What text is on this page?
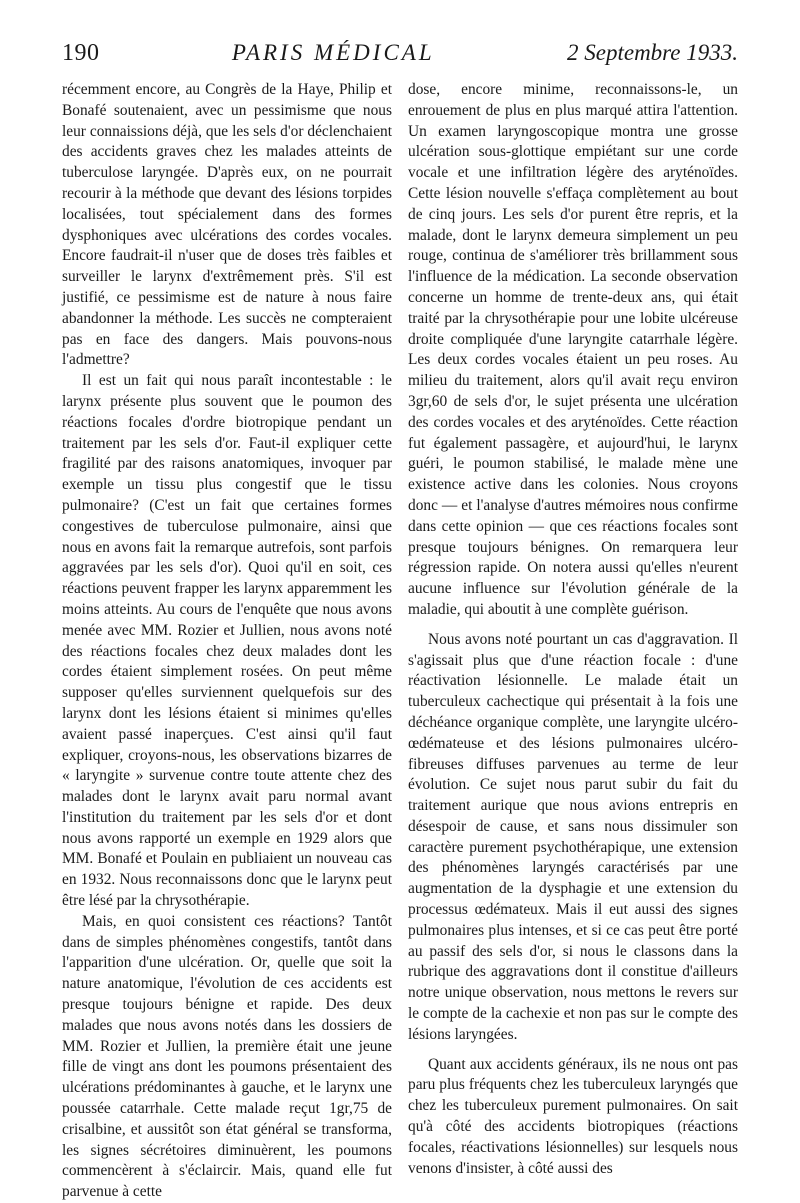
190	PARIS MÉDICAL	2 Septembre 1933.

récemment encore, au Congrès de la Haye, Philip et Bonafé soutenaient, avec un pessimisme que nous leur connaissions déjà, que les sels d'or déclenchaient des accidents graves chez les malades atteints de tuberculose laryngée. D'après eux, on ne pourrait recourir à la méthode que devant des lésions torpides localisées, tout spécialement dans des formes dysphoniques avec ulcérations des cordes vocales. Encore faudrait-il n'user que de doses très faibles et surveiller le larynx d'extrêmement près. S'il est justifié, ce pessimisme est de nature à nous faire abandonner la méthode. Les succès ne compteraient pas en face des dangers. Mais pouvons-nous l'admettre?

Il est un fait qui nous paraît incontestable : le larynx présente plus souvent que le poumon des réactions focales d'ordre biotropique pendant un traitement par les sels d'or. Faut-il expliquer cette fragilité par des raisons anatomiques, invoquer par exemple un tissu plus congestif que le tissu pulmonaire? (C'est un fait que certaines formes congestives de tuberculose pulmonaire, ainsi que nous en avons fait la remarque autrefois, sont parfois aggravées par les sels d'or). Quoi qu'il en soit, ces réactions peuvent frapper les larynx apparemment les moins atteints. Au cours de l'enquête que nous avons menée avec MM. Rozier et Jullien, nous avons noté des réactions focales chez deux malades dont les cordes étaient simplement rosées. On peut même supposer qu'elles surviennent quelquefois sur des larynx dont les lésions étaient si minimes qu'elles avaient passé inaperçues. C'est ainsi qu'il faut expliquer, croyons-nous, les observations bizarres de « laryngite » survenue contre toute attente chez des malades dont le larynx avait paru normal avant l'institution du traitement par les sels d'or et dont nous avons rapporté un exemple en 1929 alors que MM. Bonafé et Poulain en publiaient un nouveau cas en 1932. Nous reconnaissons donc que le larynx peut être lésé par la chrysothérapie.

Mais, en quoi consistent ces réactions? Tantôt dans de simples phénomènes congestifs, tantôt dans l'apparition d'une ulcération. Or, quelle que soit la nature anatomique, l'évolution de ces accidents est presque toujours bénigne et rapide. Des deux malades que nous avons notés dans les dossiers de MM. Rozier et Jullien, la première était une jeune fille de vingt ans dont les poumons présentaient des ulcérations prédominantes à gauche, et le larynx une poussée catarrhale. Cette malade reçut 1gr,75 de crisalbine, et aussitôt son état général se transforma, les signes sécrétoires diminuèrent, les poumons commencèrent à s'éclaircir. Mais, quand elle fut parvenue à cette

dose, encore minime, reconnaissons-le, un enrouement de plus en plus marqué attira l'attention. Un examen laryngoscopique montra une grosse ulcération sous-glottique empiétant sur une corde vocale et une infiltration légère des aryténoïdes. Cette lésion nouvelle s'effaça complètement au bout de cinq jours. Les sels d'or purent être repris, et la malade, dont le larynx demeura simplement un peu rouge, continua de s'améliorer très brillamment sous l'influence de la médication. La seconde observation concerne un homme de trente-deux ans, qui était traité par la chrysothérapie pour une lobite ulcéreuse droite compliquée d'une laryngite catarrhale légère. Les deux cordes vocales étaient un peu roses. Au milieu du traitement, alors qu'il avait reçu environ 3gr,60 de sels d'or, le sujet présenta une ulcération des cordes vocales et des aryténoïdes. Cette réaction fut également passagère, et aujourd'hui, le larynx guéri, le poumon stabilisé, le malade mène une existence active dans les colonies. Nous croyons donc — et l'analyse d'autres mémoires nous confirme dans cette opinion — que ces réactions focales sont presque toujours bénignes. On remarquera leur régression rapide. On notera aussi qu'elles n'eurent aucune influence sur l'évolution générale de la maladie, qui aboutit à une complète guérison.

Nous avons noté pourtant un cas d'aggravation. Il s'agissait plus que d'une réaction focale : d'une réactivation lésionnelle. Le malade était un tuberculeux cachectique qui présentait à la fois une déchéance organique complète, une laryngite ulcéro-œdémateuse et des lésions pulmonaires ulcéro-fibreuses diffuses parvenues au terme de leur évolution. Ce sujet nous parut subir du fait du traitement aurique que nous avions entrepris en désespoir de cause, et sans nous dissimuler son caractère purement psychothérapique, une extension des phénomènes laryngés caractérisés par une augmentation de la dysphagie et une extension du processus œdémateux. Mais il eut aussi des signes pulmonaires plus intenses, et si ce cas peut être porté au passif des sels d'or, si nous le classons dans la rubrique des aggravations dont il constitue d'ailleurs notre unique observation, nous mettons le revers sur le compte de la cachexie et non pas sur le compte des lésions laryngées.

Quant aux accidents généraux, ils ne nous ont pas paru plus fréquents chez les tuberculeux laryngés que chez les tuberculeux purement pulmonaires. On sait qu'à côté des accidents biotropiques (réactions focales, réactivations lésionnelles) sur lesquels nous venons d'insister, à côté aussi des
